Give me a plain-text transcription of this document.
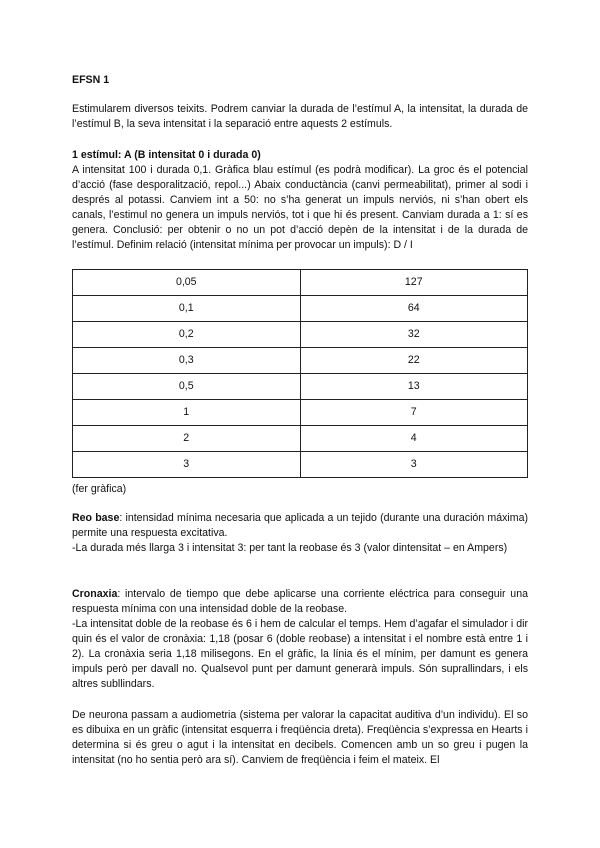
EFSN 1

Estimularem diversos teixits. Podrem canviar la durada de l’estímul A, la intensitat, la durada de l’estímul B, la seva intensitat i la separació entre aquests 2 estímuls.

1 estímul: A (B intensitat 0 i durada 0)

A intensitat 100 i durada 0,1. Gràfica blau estímul (es podrà modificar). La groc és el potencial d’acció (fase desporalització, repol...) Abaix conductància (canvi permeabilitat), primer al sodi i després al potassi. Canviem int a 50: no s’ha generat un impuls nerviós, ni s’han obert els canals, l’estimul no genera un impuls nerviós, tot i que hi és present. Canviam durada a 1: sí es genera. Conclusió: per obtenir o no un pot d’acció depèn de la intensitat i de la durada de l’estímul. Definim relació (intensitat mínima per provocar un impuls): D / I

0,05	127
0,1	64
0,2	32
0,3	22
0,5	13
1	7
2	4
3	3

(fer gràfica)

Reo base: intensidad mínima necesaria que aplicada a un tejido (durante una duración máxima) permite una respuesta excitativa.

-La durada més llarga 3 i intensitat 3: per tant la reobase és 3 (valor dintensitat – en Ampers)

Cronaxia: intervalo de tiempo que debe aplicarse una corriente eléctrica para conseguir una respuesta mínima con una intensidad doble de la reobase.

-La intensitat doble de la reobase és 6 i hem de calcular el temps. Hem d’agafar el simulador i dir quin és el valor de cronàxia: 1,18 (posar 6 (doble reobase) a intensitat i el nombre està entre 1 i 2). La cronàxia seria 1,18 milisegons. En el gràfic, la línia és el mínim, per damunt es genera impuls però per davall no. Qualsevol punt per damunt generarà impuls. Són suprallindars, i els altres subllindars.

De neurona passam a audiometria (sistema per valorar la capacitat auditiva d’un individu). El so es dibuixa en un gràfic (intensitat esquerra i freqüència dreta). Freqüència s’expressa en Hearts i determina si és greu o agut i la intensitat en decibels. Comencen amb un so greu i pugen la intensitat (no ho sentia però ara sí). Canviem de freqüència i feim el mateix. El
